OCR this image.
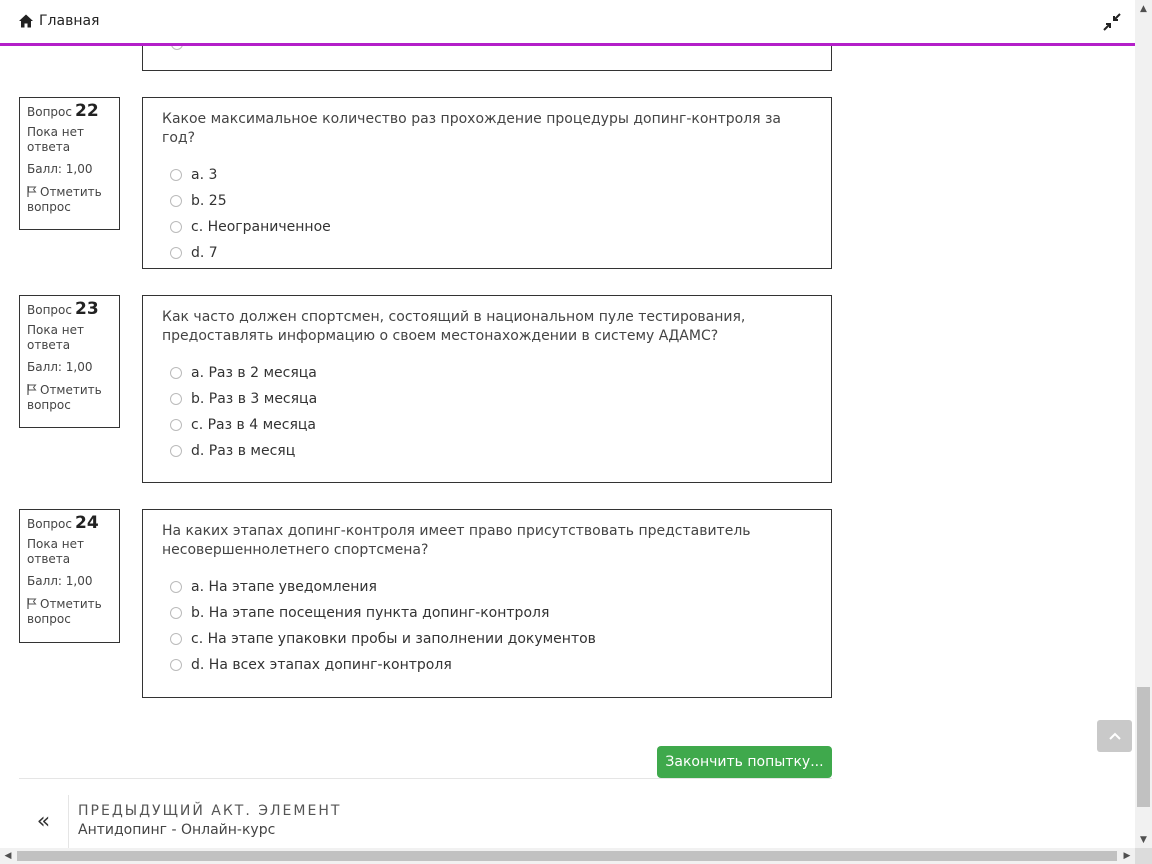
Вопрос 22
Пока нет ответа
Балл: 1,00
Отметить вопрос
Какое максимальное количество раз прохождение процедуры допинг-контроля за год?
a. 3
b. 25
c. Неограниченное
d. 7
Вопрос 23
Пока нет ответа
Балл: 1,00
Отметить вопрос
Как часто должен спортсмен, состоящий в национальном пуле тестирования, предоставлять информацию о своем местонахождении в систему АДАМС?
a. Раз в 2 месяца
b. Раз в 3 месяца
c. Раз в 4 месяца
d. Раз в месяц
Вопрос 24
Пока нет ответа
Балл: 1,00
Отметить вопрос
На каких этапах допинг-контроля имеет право присутствовать представитель несовершеннолетнего спортсмена?
a. На этапе уведомления
b. На этапе посещения пункта допинг-контроля
c. На этапе упаковки пробы и заполнении документов
d. На всех этапах допинг-контроля
Закончить попытку...
«	ПРЕДЫДУЩИЙ АКТ. ЭЛЕМЕНТ
Антидопинг - Онлайн-курс
Главная
▲
▼
◀	▶
